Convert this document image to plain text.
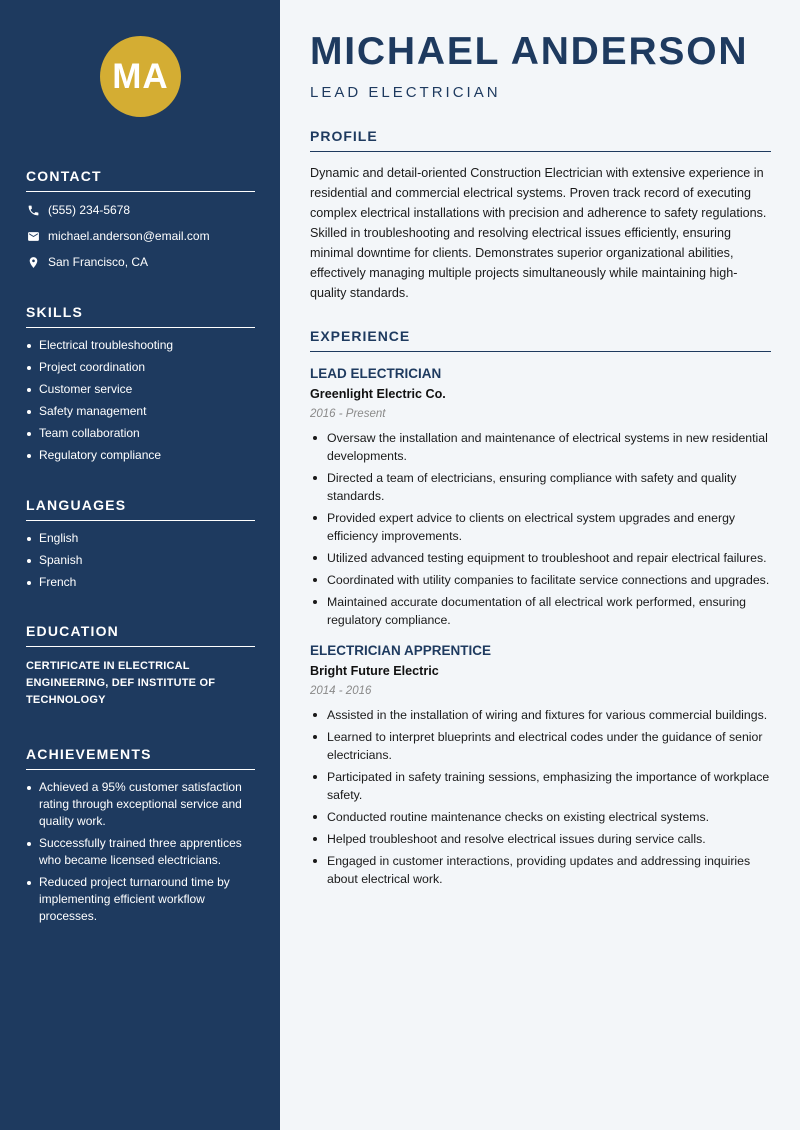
MA
CONTACT
(555) 234-5678
michael.anderson@email.com
San Francisco, CA
SKILLS
Electrical troubleshooting
Project coordination
Customer service
Safety management
Team collaboration
Regulatory compliance
LANGUAGES
English
Spanish
French
EDUCATION
CERTIFICATE IN ELECTRICAL ENGINEERING, DEF INSTITUTE OF TECHNOLOGY
ACHIEVEMENTS
Achieved a 95% customer satisfaction rating through exceptional service and quality work.
Successfully trained three apprentices who became licensed electricians.
Reduced project turnaround time by implementing efficient workflow processes.
MICHAEL ANDERSON
LEAD ELECTRICIAN
PROFILE
Dynamic and detail-oriented Construction Electrician with extensive experience in residential and commercial electrical systems. Proven track record of executing complex electrical installations with precision and adherence to safety regulations. Skilled in troubleshooting and resolving electrical issues efficiently, ensuring minimal downtime for clients. Demonstrates superior organizational abilities, effectively managing multiple projects simultaneously while maintaining high-quality standards.
EXPERIENCE
LEAD ELECTRICIAN
Greenlight Electric Co.
2016 - Present
Oversaw the installation and maintenance of electrical systems in new residential developments.
Directed a team of electricians, ensuring compliance with safety and quality standards.
Provided expert advice to clients on electrical system upgrades and energy efficiency improvements.
Utilized advanced testing equipment to troubleshoot and repair electrical failures.
Coordinated with utility companies to facilitate service connections and upgrades.
Maintained accurate documentation of all electrical work performed, ensuring regulatory compliance.
ELECTRICIAN APPRENTICE
Bright Future Electric
2014 - 2016
Assisted in the installation of wiring and fixtures for various commercial buildings.
Learned to interpret blueprints and electrical codes under the guidance of senior electricians.
Participated in safety training sessions, emphasizing the importance of workplace safety.
Conducted routine maintenance checks on existing electrical systems.
Helped troubleshoot and resolve electrical issues during service calls.
Engaged in customer interactions, providing updates and addressing inquiries about electrical work.
